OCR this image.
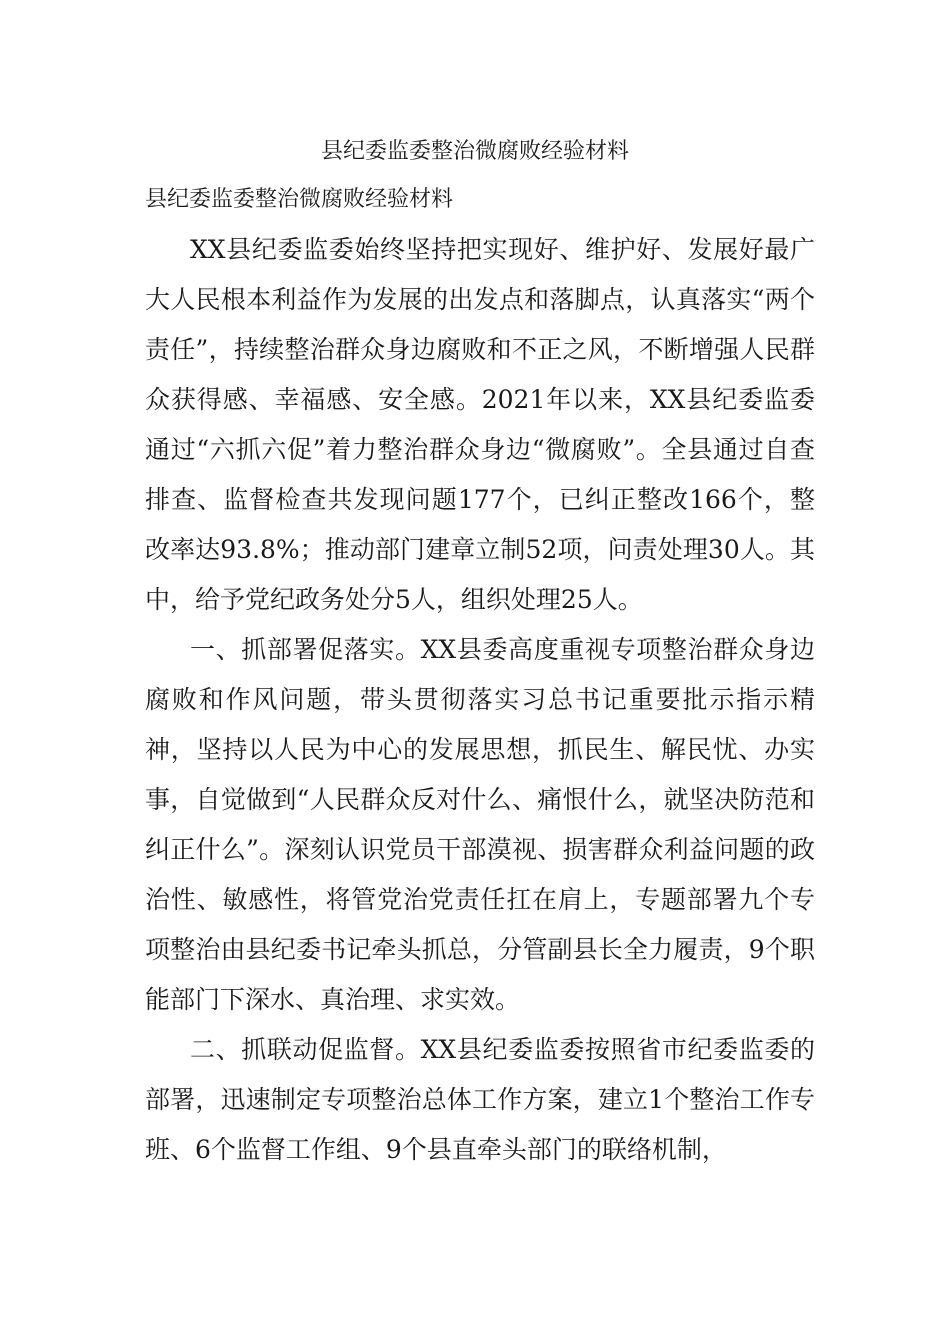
县纪委监委整治微腐败经验材料

县纪委监委整治微腐败经验材料

XX县纪委监委始终坚持把实现好、维护好、发展好最广大人民根本利益作为发展的出发点和落脚点，认真落实“两个责任”，持续整治群众身边腐败和不正之风，不断增强人民群众获得感、幸福感、安全感。2021年以来，XX县纪委监委通过“六抓六促”着力整治群众身边“微腐败”。全县通过自查排查、监督检查共发现问题177个，已纠正整改166个，整改率达93.8%；推动部门建章立制52项，问责处理30人。其中，给予党纪政务处分5人，组织处理25人。

一、抓部署促落实。XX县委高度重视专项整治群众身边腐败和作风问题，带头贯彻落实习总书记重要批示指示精神，坚持以人民为中心的发展思想，抓民生、解民忧、办实事，自觉做到“人民群众反对什么、痛恨什么，就坚决防范和纠正什么”。深刻认识党员干部漠视、损害群众利益问题的政治性、敏感性，将管党治党责任扛在肩上，专题部署九个专项整治由县纪委书记牵头抓总，分管副县长全力履责，9个职能部门下深水、真治理、求实效。

二、抓联动促监督。XX县纪委监委按照省市纪委监委的部署，迅速制定专项整治总体工作方案，建立1个整治工作专班、6个监督工作组、9个县直牵头部门的联络机制，
